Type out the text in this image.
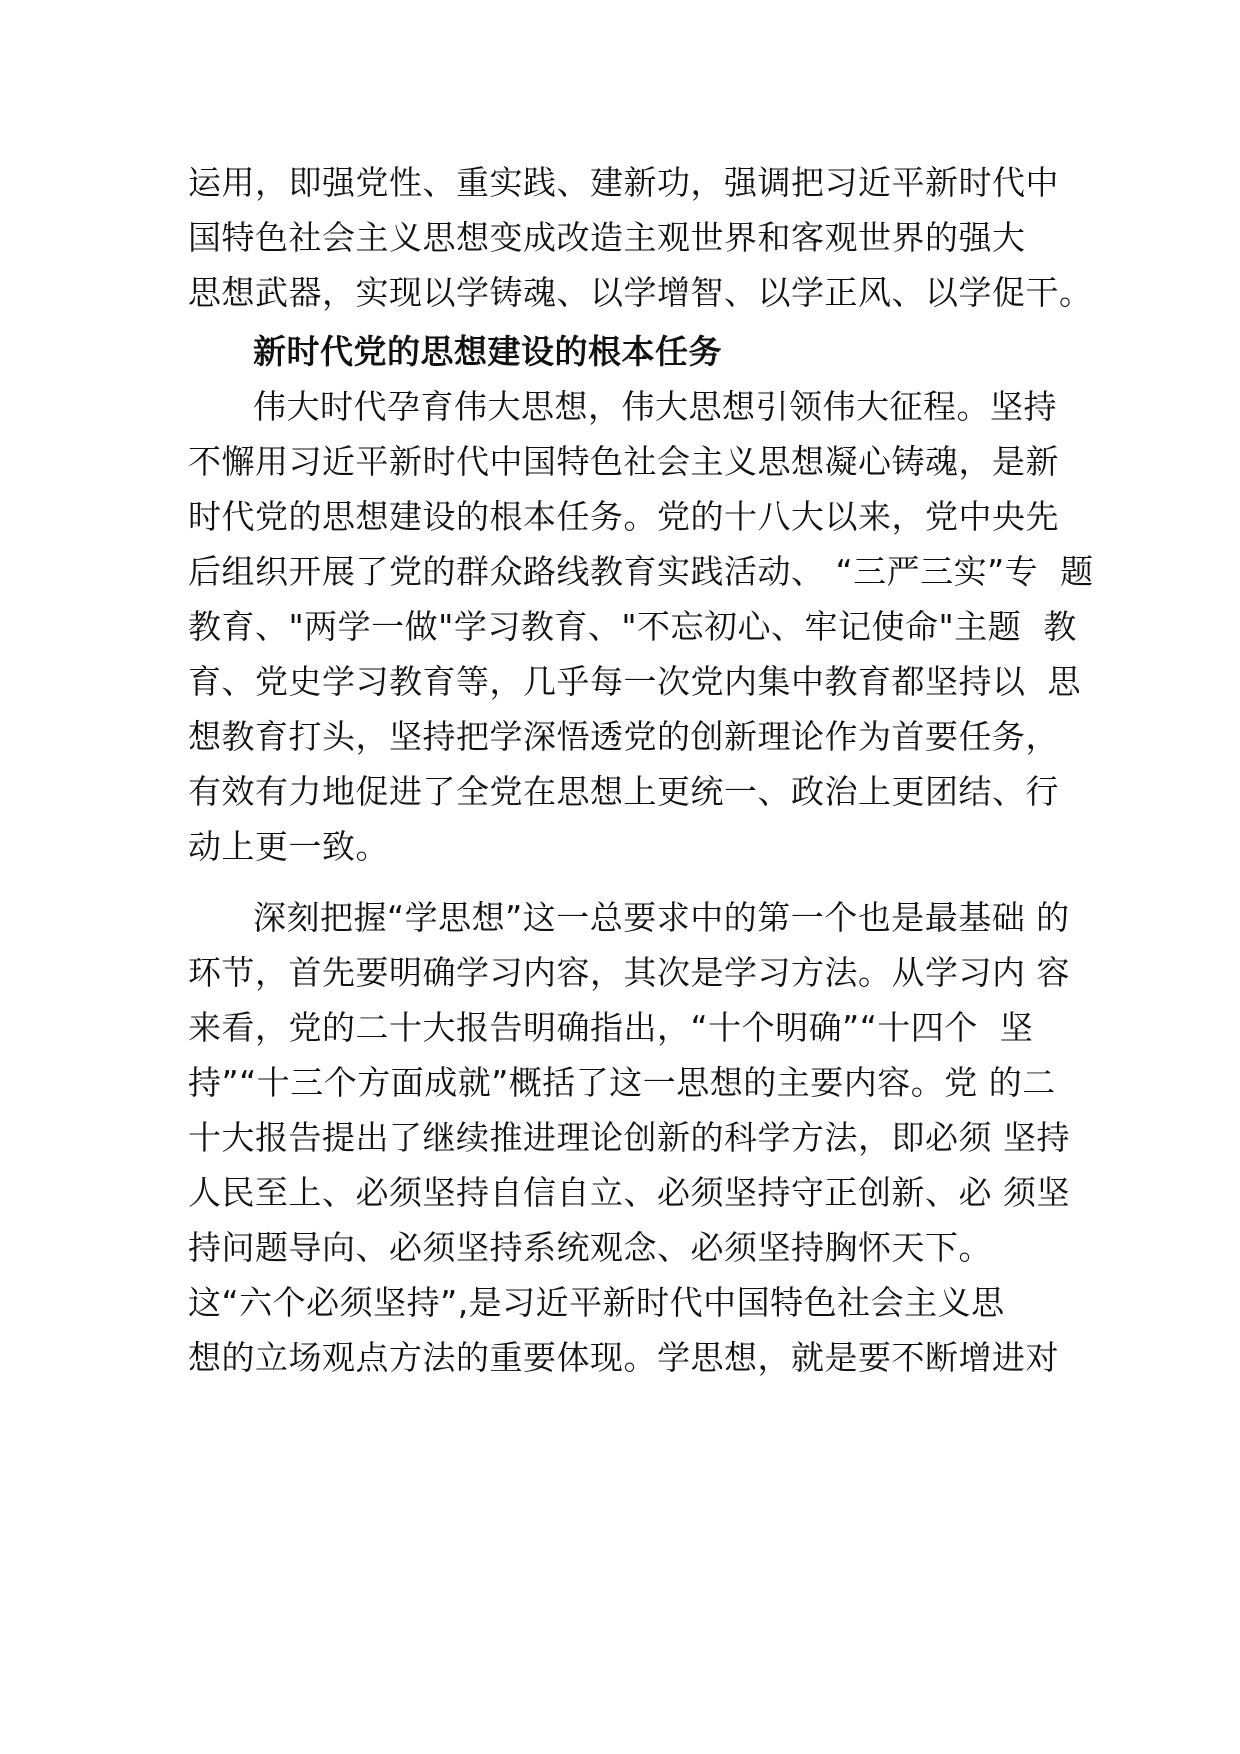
运用，即强党性、重实践、建新功，强调把习近平新时代中
国特色社会主义思想变成改造主观世界和客观世界的强大
思想武器，实现以学铸魂、以学增智、以学正风、以学促干。
新时代党的思想建设的根本任务
伟大时代孕育伟大思想，伟大思想引领伟大征程。坚持
不懈用习近平新时代中国特色社会主义思想凝心铸魂，是新
时代党的思想建设的根本任务。党的十八大以来，党中央先
后组织开展了党的群众路线教育实践活动、 “三严三实”专  题
教育、"两学一做"学习教育、"不忘初心、牢记使命"主题  教
育、党史学习教育等，几乎每一次党内集中教育都坚持以  思
想教育打头，坚持把学深悟透党的创新理论作为首要任务，
有效有力地促进了全党在思想上更统一、政治上更团结、行
动上更一致。
深刻把握“学思想”这一总要求中的第一个也是最基础 的
环节，首先要明确学习内容，其次是学习方法。从学习内 容
来看，党的二十大报告明确指出，“十个明确”“十四个  坚
持”“十三个方面成就”概括了这一思想的主要内容。党 的二
十大报告提出了继续推进理论创新的科学方法，即必须 坚持
人民至上、必须坚持自信自立、必须坚持守正创新、必 须坚
持问题导向、必须坚持系统观念、必须坚持胸怀天下。
这“六个必须坚持”,是习近平新时代中国特色社会主义思
想的立场观点方法的重要体现。学思想，就是要不断增进对
